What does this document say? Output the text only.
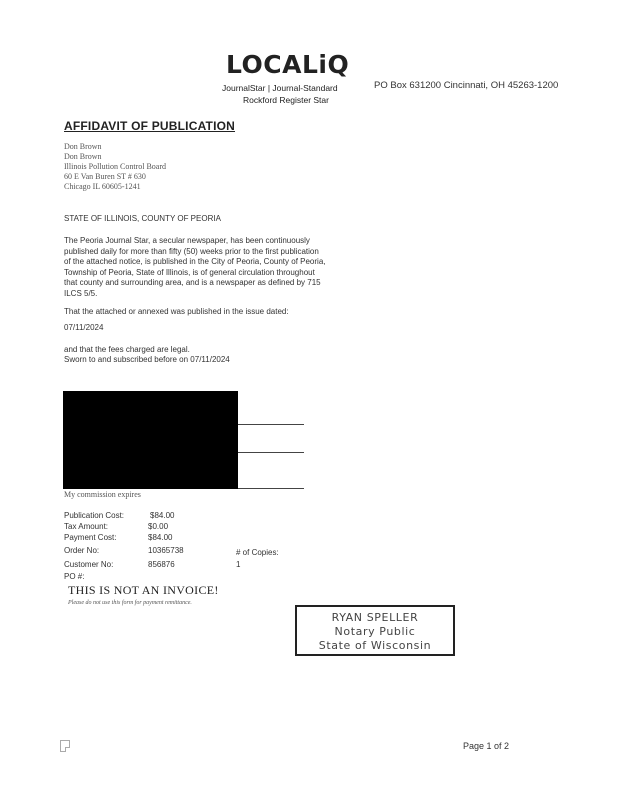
LOCALiQ
JournalStar | Journal-Standard
Rockford Register Star
PO Box 631200 Cincinnati, OH 45263-1200
AFFIDAVIT OF PUBLICATION
Don Brown
Don Brown
Illinois Pollution Control Board
60 E Van Buren ST # 630
Chicago IL 60605-1241
STATE OF ILLINOIS, COUNTY OF PEORIA
The Peoria Journal Star, a secular newspaper, has been continuously published daily for more than fifty (50) weeks prior to the first publication of the attached notice, is published in the City of Peoria, County of Peoria, Township of Peoria, State of Illinois, is of general circulation throughout that county and surrounding area, and is a newspaper as defined by 715 ILCS 5/5.
That the attached or annexed was published in the issue dated:
07/11/2024
and that the fees charged are legal.
Sworn to and subscribed before on 07/11/2024
My commission expires
Publication Cost:	$84.00
Tax Amount:	$0.00
Payment Cost:	$84.00
Order No:	10365738
Customer No:	856876
PO #:
# of Copies:
1
THIS IS NOT AN INVOICE!
Please do not use this form for payment remittance.
RYAN SPELLER
Notary Public
State of Wisconsin
Page 1 of 2
